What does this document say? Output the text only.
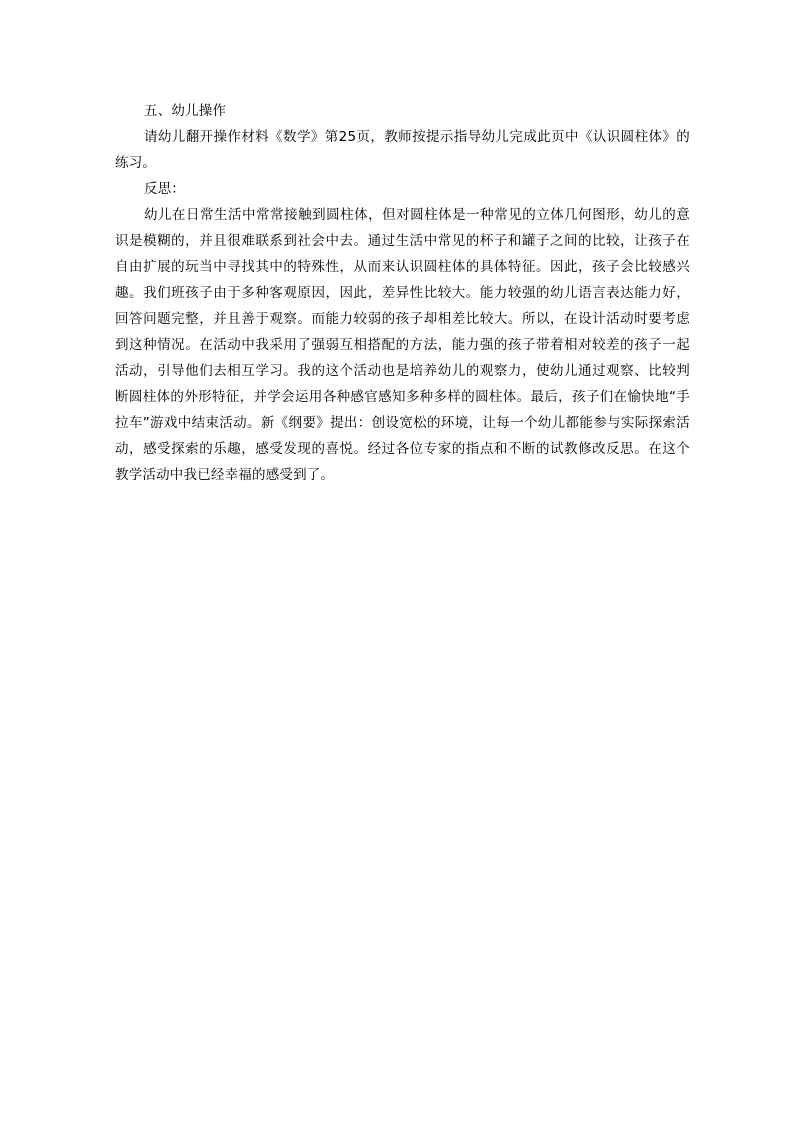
五、幼儿操作

请幼儿翻开操作材料《数学》第25页，教师按提示指导幼儿完成此页中《认识圆柱体》的练习。

反思：

幼儿在日常生活中常常接触到圆柱体，但对圆柱体是一种常见的立体几何图形，幼儿的意识是模糊的，并且很难联系到社会中去。通过生活中常见的杯子和罐子之间的比较，让孩子在自由扩展的玩当中寻找其中的特殊性，从而来认识圆柱体的具体特征。因此，孩子会比较感兴趣。我们班孩子由于多种客观原因，因此，差异性比较大。能力较强的幼儿语言表达能力好，回答问题完整，并且善于观察。而能力较弱的孩子却相差比较大。所以，在设计活动时要考虑到这种情况。在活动中我采用了强弱互相搭配的方法，能力强的孩子带着相对较差的孩子一起活动，引导他们去相互学习。我的这个活动也是培养幼儿的观察力，使幼儿通过观察、比较判断圆柱体的外形特征，并学会运用各种感官感知多种多样的圆柱体。最后，孩子们在愉快地“手拉车”游戏中结束活动。新《纲要》提出：创设宽松的环境，让每一个幼儿都能参与实际探索活动，感受探索的乐趣，感受发现的喜悦。经过各位专家的指点和不断的试教修改反思。在这个教学活动中我已经幸福的感受到了。
